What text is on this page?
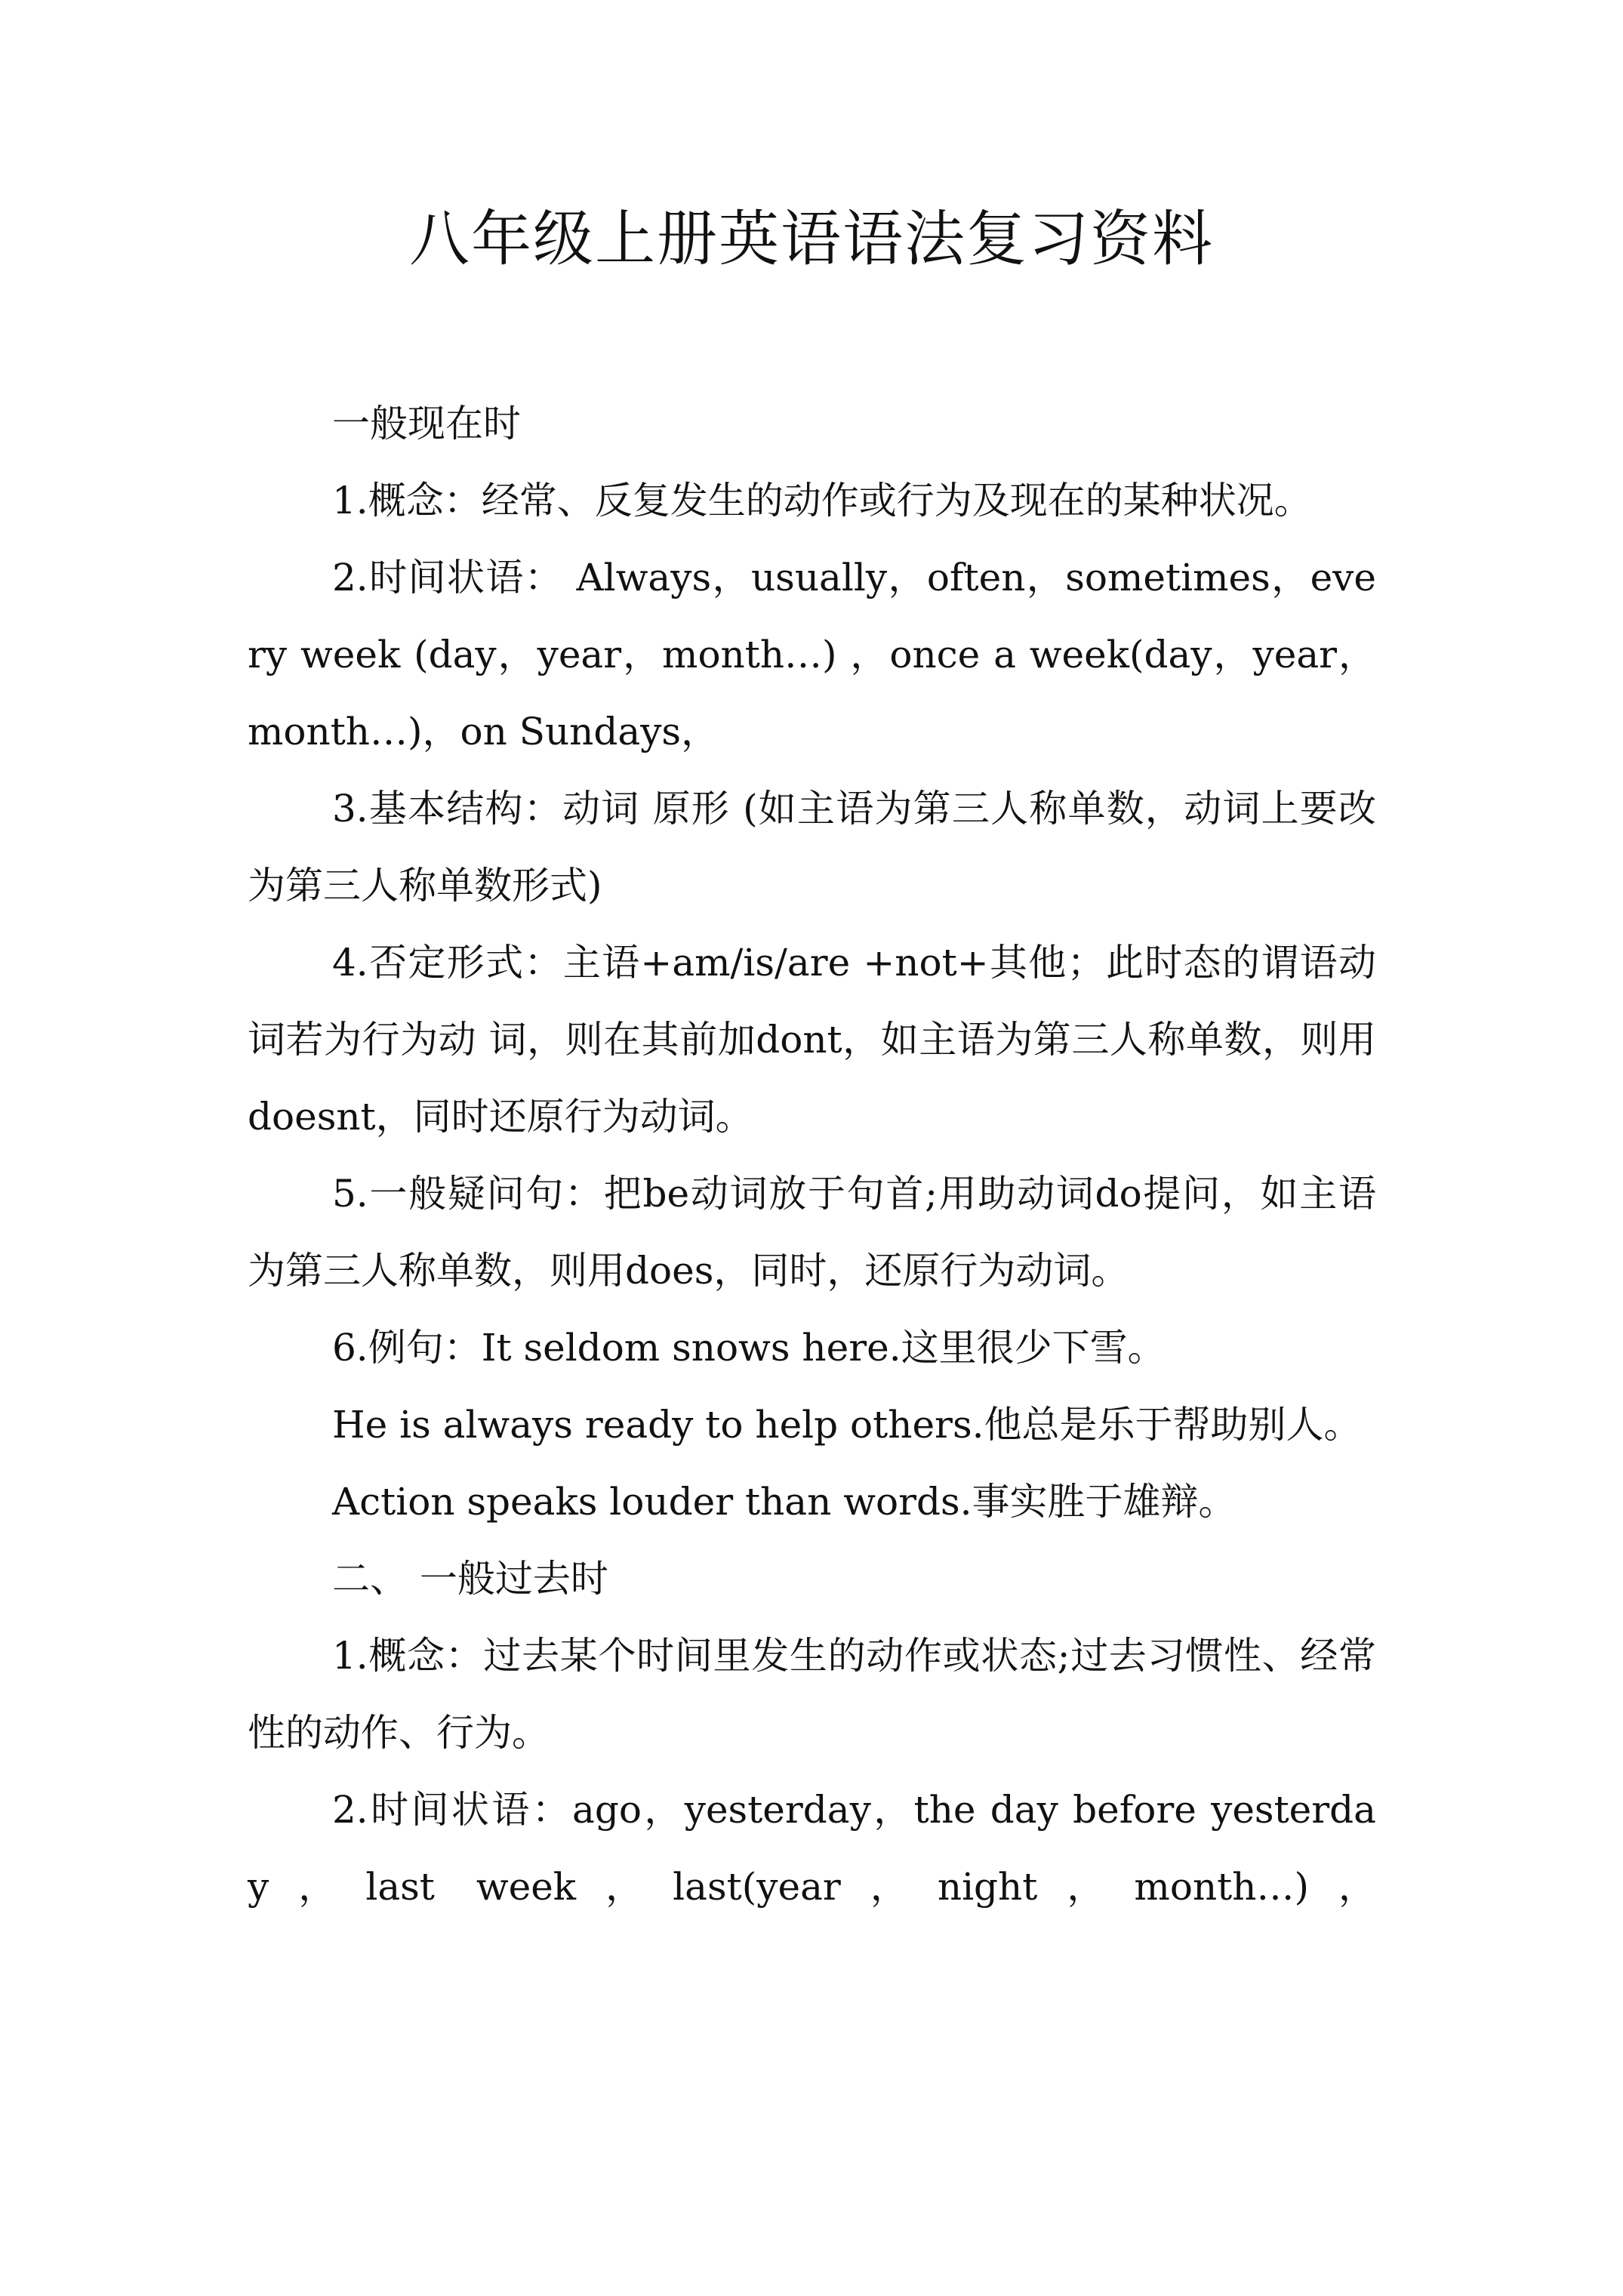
八年级上册英语语法复习资料

一般现在时

1.概念：经常、反复发生的动作或行为及现在的某种状况。

2.时间状语： Always，usually，often，sometimes，every week (day，year，month…) ，once a week(day，year，month…)，on Sundays，

3.基本结构：动词 原形 (如主语为第三人称单数，动词上要改为第三人称单数形式)

4.否定形式：主语+am/is/are +not+其他；此时态的谓语动词若为行为动 词，则在其前加dont，如主语为第三人称单数，则用doesnt，同时还原行为动词。

5.一般疑问句：把be动词放于句首;用助动词do提问，如主语为第三人称单数，则用does，同时，还原行为动词。

6.例句：It seldom snows here.这里很少下雪。

He is always ready to help others.他总是乐于帮助别人。

Action speaks louder than words.事实胜于雄辩。

二、 一般过去时

1.概念：过去某个时间里发生的动作或状态;过去习惯性、经常性的动作、行为。

2.时间状语：ago，yesterday，the day before yesterday，last week，last(year，night，month…)，
